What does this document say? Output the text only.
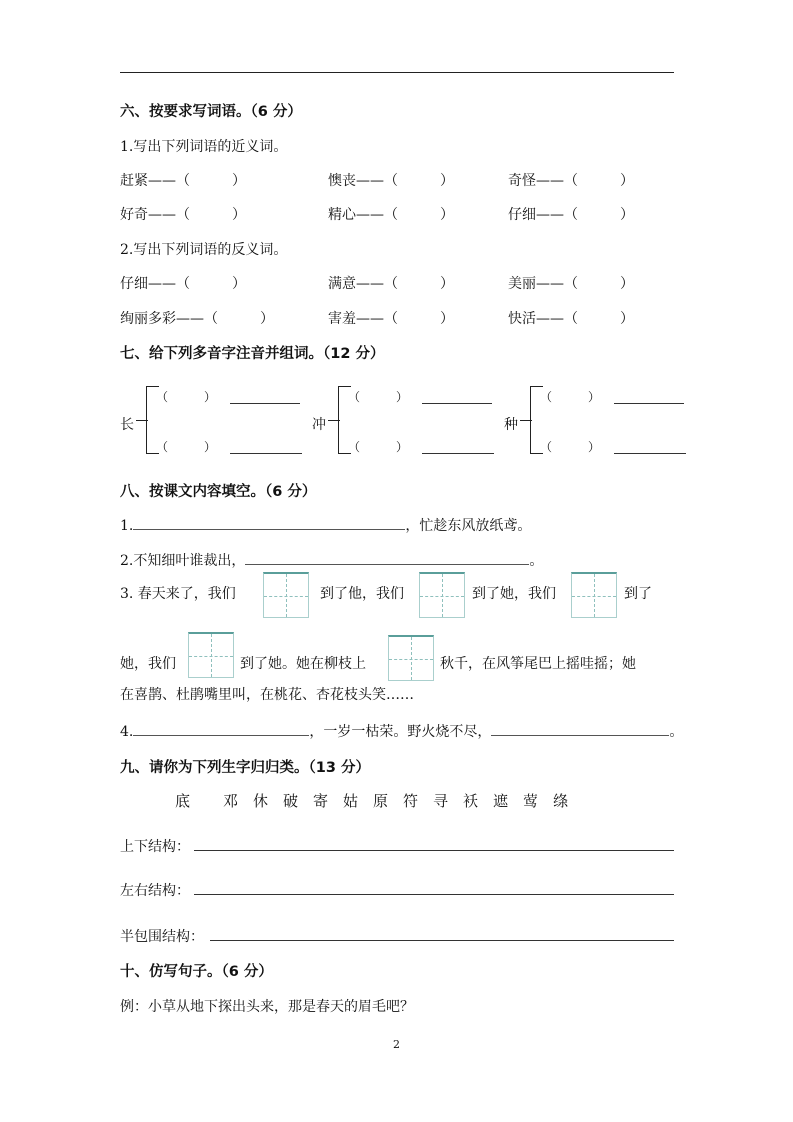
六、按要求写词语。（6 分）
1.写出下列词语的近义词。
赶紧——（　　　）	懊丧——（　　　）	奇怪——（　　　）
好奇——（　　　）	精心——（　　　）	仔细——（　　　）
2.写出下列词语的反义词。
仔细——（　　　）	满意——（　　　）	美丽——（　　　）
绚丽多彩——（　　　）	害羞——（　　　）	快活——（　　　）
七、给下列多音字注音并组词。（12 分）
长
（　　　）
（　　　）
冲
（　　　）
（　　　）
种
（　　　）
（　　　）
八、按课文内容填空。（6 分）
1.	，忙趁东风放纸鸢。
2.不知细叶谁裁出，	。
3. 春天来了，我们	到了他，我们	到了她，我们	到了
她，我们	到了她。她在柳枝上	秋千，在风筝尾巴上摇哇摇；她
在喜鹊、杜鹃嘴里叫，在桃花、杏花枝头笑……
4.	，一岁一枯荣。野火烧不尽，	。
九、请你为下列生字归归类。（13 分）
底 邓 休 破 寄 姑 原 符 寻 袄 遮 莺 绦
上下结构：
左右结构：
半包围结构：
十、仿写句子。（6 分）
例：小草从地下探出头来，那是春天的眉毛吧？
2
